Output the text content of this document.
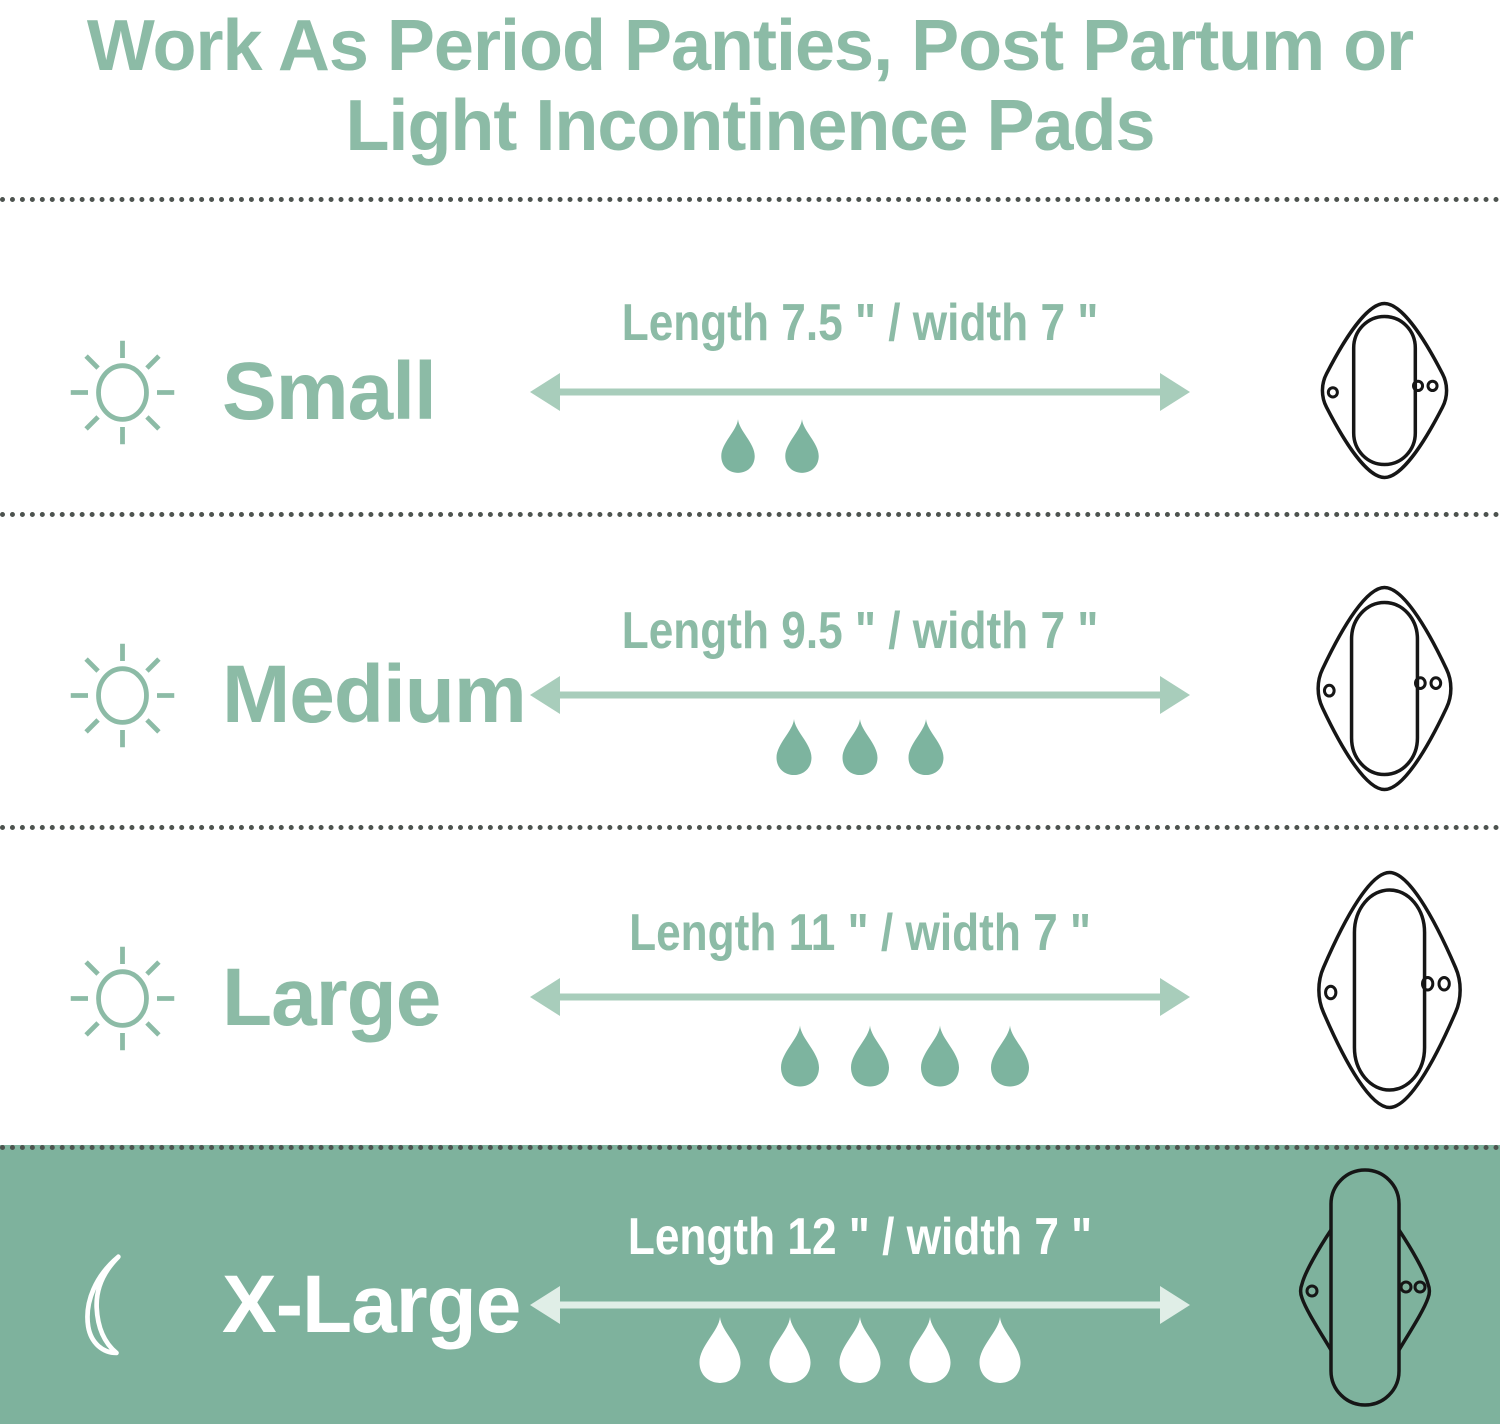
Work As Period Panties, Post Partum or
Light Incontinence Pads
Small
Length 7.5 " / width 7 "
Medium
Length 9.5 " / width 7 "
Large
Length 11 " / width 7 "
X-Large
Length 12 " / width 7 "
